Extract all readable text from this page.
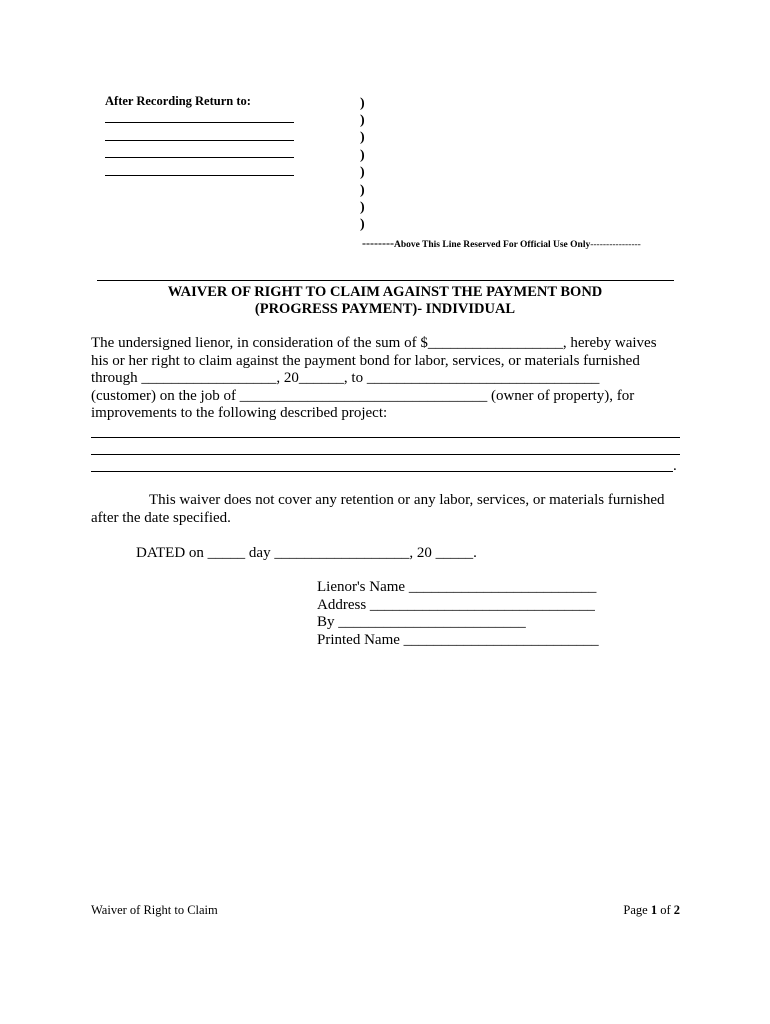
After Recording Return to:	)
)
)
)
)
)
)
)
--------Above This Line Reserved For Official Use Only----------------
WAIVER OF RIGHT TO CLAIM AGAINST THE PAYMENT BOND
(PROGRESS PAYMENT)- INDIVIDUAL
The undersigned lienor, in consideration of the sum of $__________________, hereby waives
his or her right to claim against the payment bond for labor, services, or materials furnished
through __________________, 20______, to _______________________________
(customer) on the job of _________________________________ (owner of property), for
improvements to the following described project:
.
This waiver does not cover any retention or any labor, services, or materials furnished
after the date specified.
DATED on _____ day __________________, 20 _____.
Lienor's Name _________________________
Address ______________________________
By _________________________
Printed Name __________________________
Waiver of Right to Claim	Page 1 of 2
